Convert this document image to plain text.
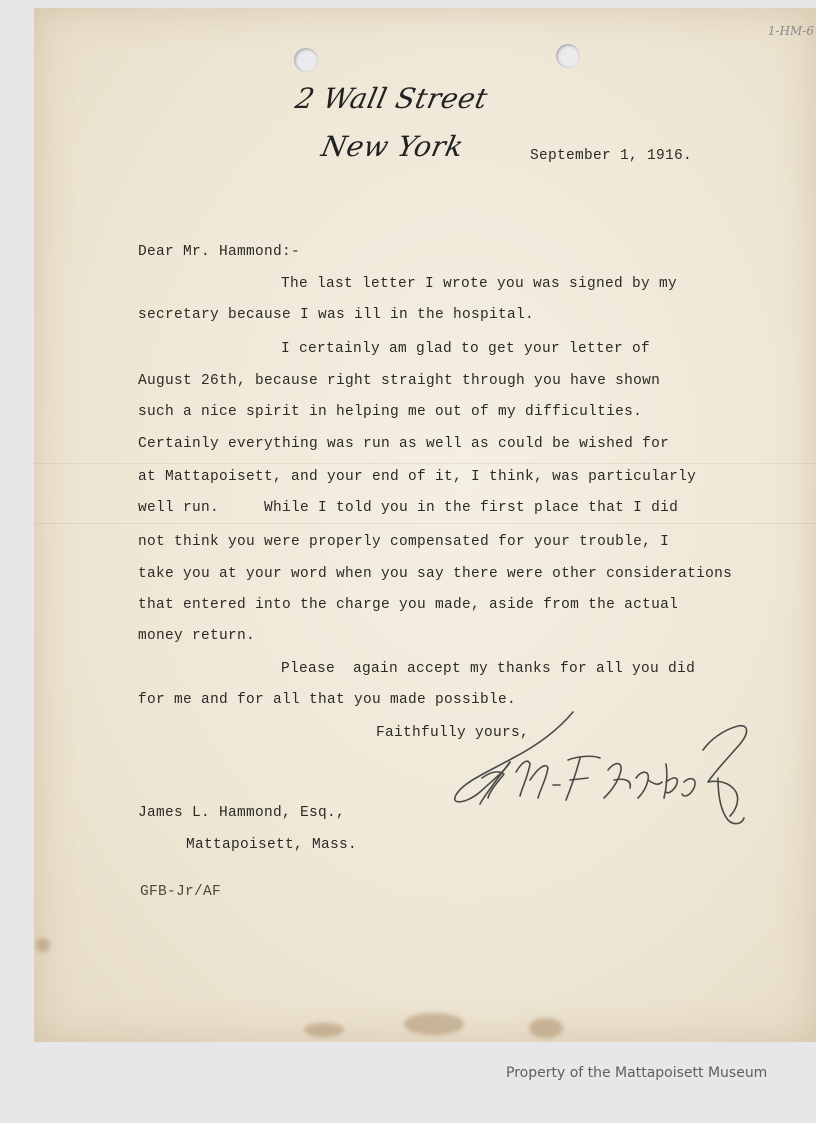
1-HM-6
2 Wall Street
New York	September 1, 1916.
Dear Mr. Hammond:-
The last letter I wrote you was signed by my
secretary because I was ill in the hospital.
I certainly am glad to get your letter of
August 26th, because right straight through you have shown
such a nice spirit in helping me out of my difficulties.
Certainly everything was run as well as could be wished for
at Mattapoisett, and your end of it, I think, was particularly
well run.     While I told you in the first place that I did
not think you were properly compensated for your trouble, I
take you at your word when you say there were other considerations
that entered into the charge you made, aside from the actual
money return.
Please  again accept my thanks for all you did
for me and for all that you made possible.
Faithfully yours,
James L. Hammond, Esq.,
Mattapoisett, Mass.
GFB-Jr/AF
Property of the Mattapoisett Museum
